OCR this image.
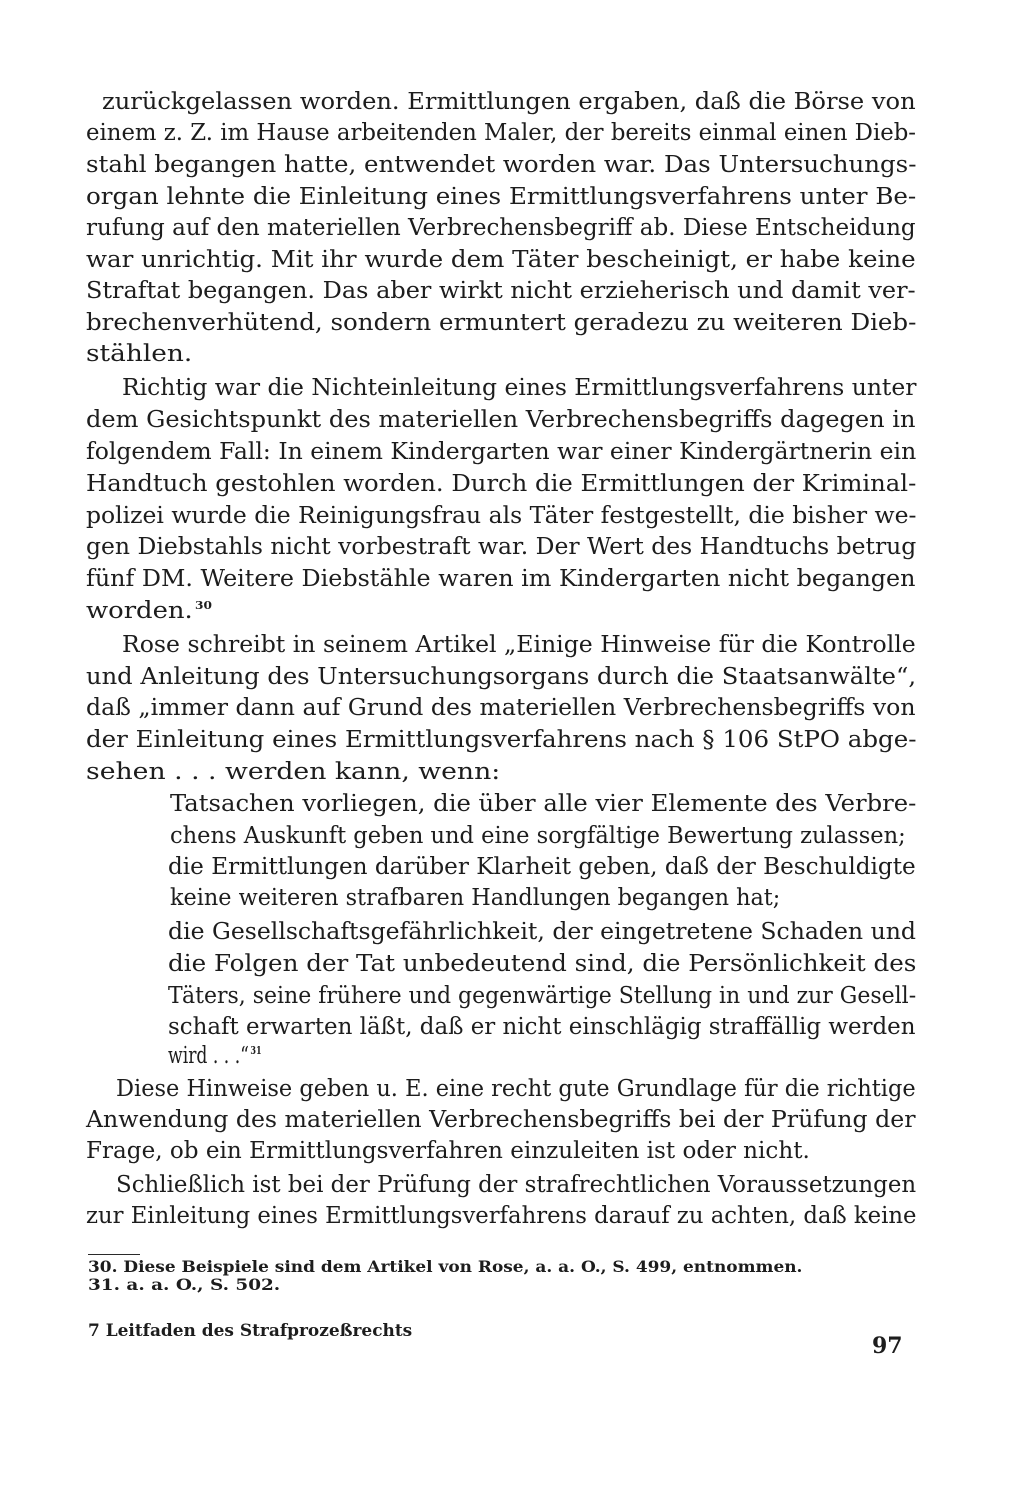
zurückgelassen worden. Ermittlungen ergaben, daß die Börse von
einem z. Z. im Hause arbeitenden Maler, der bereits einmal einen Dieb-
stahl begangen hatte, entwendet worden war. Das Untersuchungs-
organ lehnte die Einleitung eines Ermittlungsverfahrens unter Be-
rufung auf den materiellen Verbrechensbegriff ab. Diese Entscheidung
war unrichtig. Mit ihr wurde dem Täter bescheinigt, er habe keine
Straftat begangen. Das aber wirkt nicht erzieherisch und damit ver-
brechenverhütend, sondern ermuntert geradezu zu weiteren Dieb-
stählen.
Richtig war die Nichteinleitung eines Ermittlungsverfahrens unter
dem Gesichtspunkt des materiellen Verbrechensbegriffs dagegen in
folgendem Fall: In einem Kindergarten war einer Kindergärtnerin ein
Handtuch gestohlen worden. Durch die Ermittlungen der Kriminal-
polizei wurde die Reinigungsfrau als Täter festgestellt, die bisher we-
gen Diebstahls nicht vorbestraft war. Der Wert des Handtuchs betrug
fünf DM. Weitere Diebstähle waren im Kindergarten nicht begangen
worden. $^{30}$
Rose schreibt in seinem Artikel „Einige Hinweise für die Kontrolle
und Anleitung des Untersuchungsorgans durch die Staatsanwälte“,
daß „immer dann auf Grund des materiellen Verbrechensbegriffs von
der Einleitung eines Ermittlungsverfahrens nach § 106 StPO abge-
sehen . . . werden kann, wenn:
Tatsachen vorliegen, die über alle vier Elemente des Verbre-
chens Auskunft geben und eine sorgfältige Bewertung zulassen;
die Ermittlungen darüber Klarheit geben, daß der Beschuldigte
keine weiteren strafbaren Handlungen begangen hat;
die Gesellschaftsgefährlichkeit, der eingetretene Schaden und
die Folgen der Tat unbedeutend sind, die Persönlichkeit des
Täters, seine frühere und gegenwärtige Stellung in und zur Gesell-
schaft erwarten läßt, daß er nicht einschlägig straffällig werden
wird . . .“$^{31}$
Diese Hinweise geben u. E. eine recht gute Grundlage für die richtige
Anwendung des materiellen Verbrechensbegriffs bei der Prüfung der
Frage, ob ein Ermittlungsverfahren einzuleiten ist oder nicht.
Schließlich ist bei der Prüfung der strafrechtlichen Voraussetzungen
zur Einleitung eines Ermittlungsverfahrens darauf zu achten, daß keine
30. Diese Beispiele sind dem Artikel von Rose, a. a. O., S. 499, entnommen.
31. a. a. O., S. 502.
7 Leitfaden des Strafprozeßrechts
97
